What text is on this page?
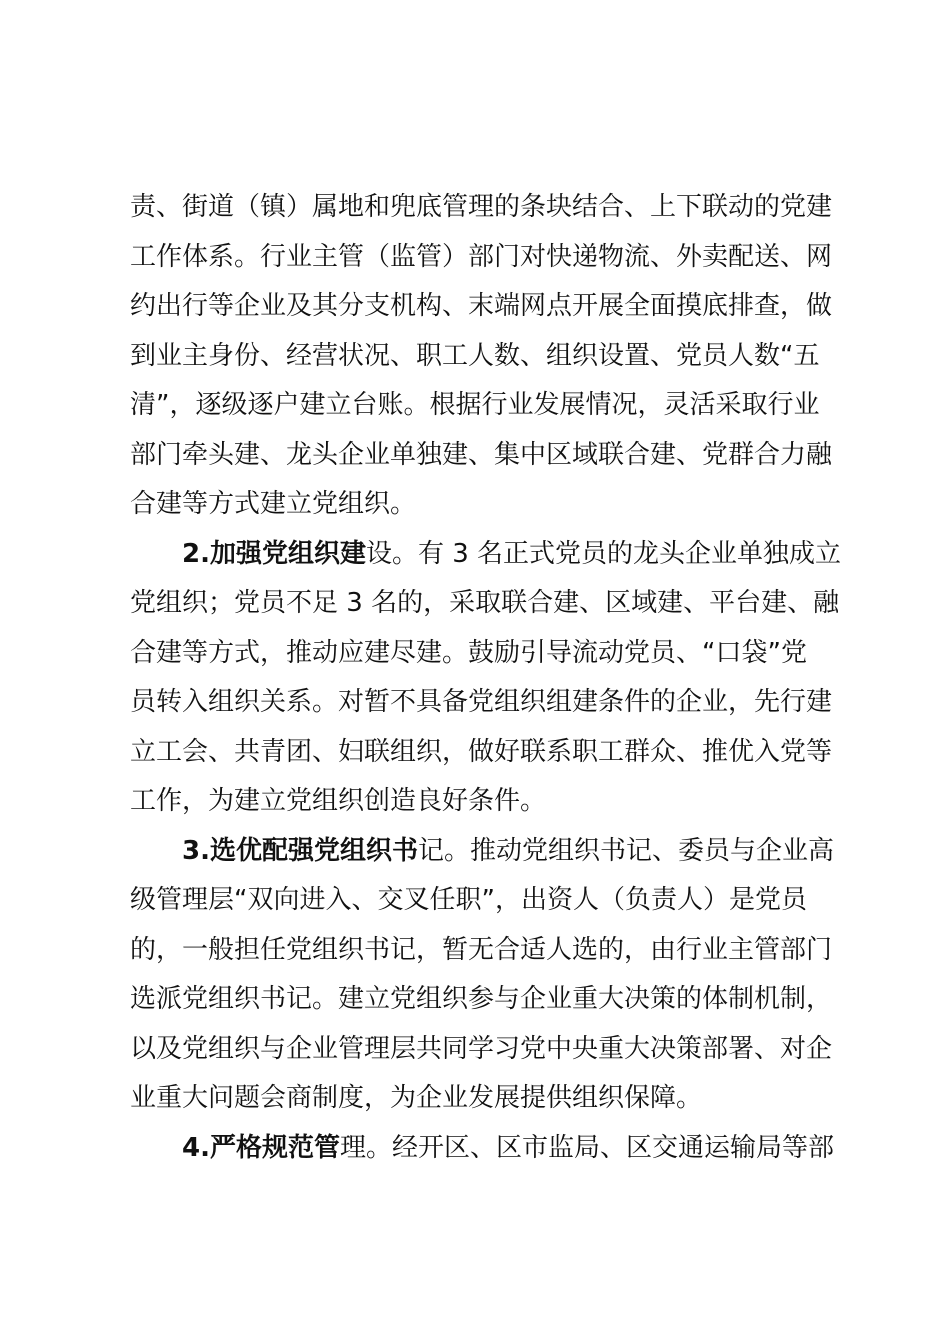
责、街道（镇）属地和兜底管理的条块结合、上下联动的党建
工作体系。行业主管（监管）部门对快递物流、外卖配送、网
约出行等企业及其分支机构、末端网点开展全面摸底排查，做
到业主身份、经营状况、职工人数、组织设置、党员人数“五
清”，逐级逐户建立台账。根据行业发展情况，灵活采取行业
部门牵头建、龙头企业单独建、集中区域联合建、党群合力融
合建等方式建立党组织。
2.加强党组织建设。有 3 名正式党员的龙头企业单独成立
党组织；党员不足 3 名的，采取联合建、区域建、平台建、融
合建等方式，推动应建尽建。鼓励引导流动党员、“口袋”党
员转入组织关系。对暂不具备党组织组建条件的企业，先行建
立工会、共青团、妇联组织，做好联系职工群众、推优入党等
工作，为建立党组织创造良好条件。
3.选优配强党组织书记。推动党组织书记、委员与企业高
级管理层“双向进入、交叉任职”，出资人（负责人）是党员
的，一般担任党组织书记，暂无合适人选的，由行业主管部门
选派党组织书记。建立党组织参与企业重大决策的体制机制，
以及党组织与企业管理层共同学习党中央重大决策部署、对企
业重大问题会商制度，为企业发展提供组织保障。
4.严格规范管理。经开区、区市监局、区交通运输局等部
